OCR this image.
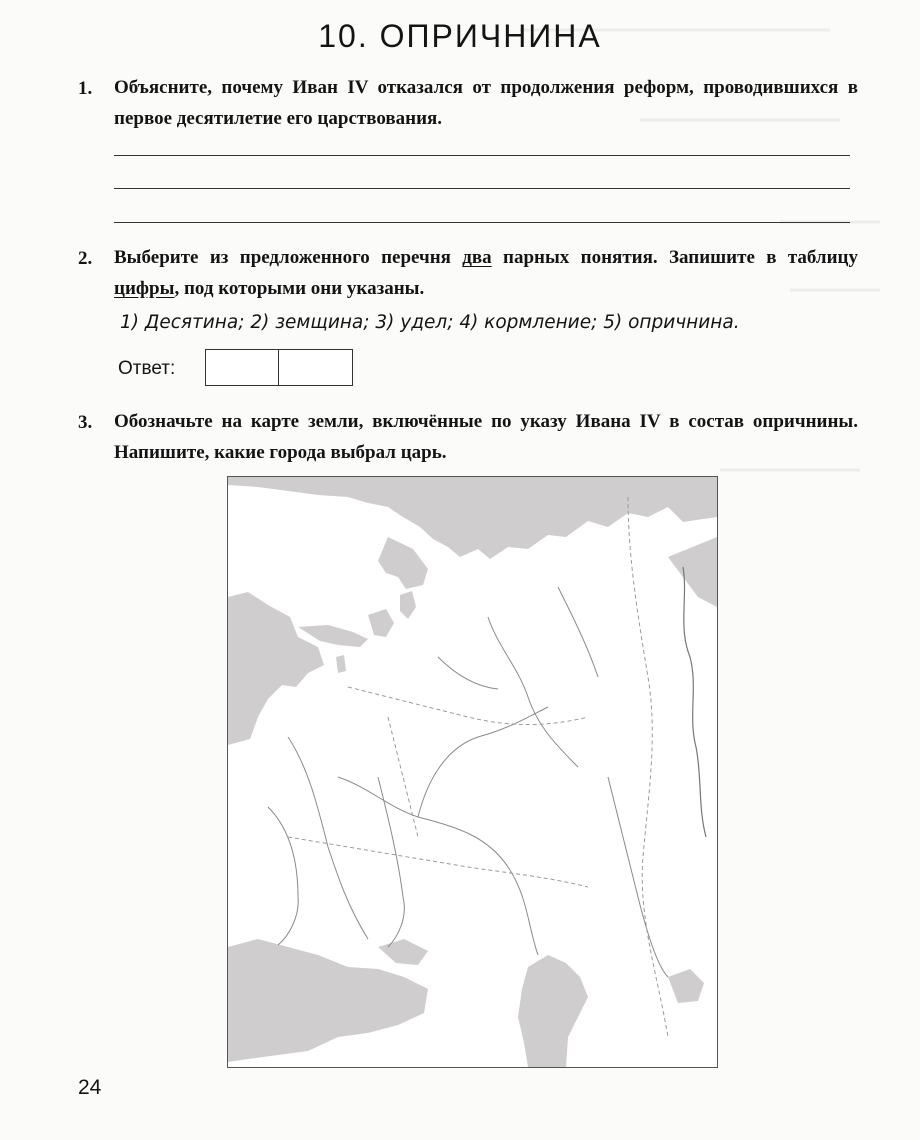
10. ОПРИЧНИНА
1. Объясните, почему Иван IV отказался от продолжения реформ, проводившихся в первое десятилетие его царствования.

2. Выберите из предложенного перечня два парных понятия. Запишите в таблицу цифры, под которыми они указаны.

1) Десятина; 2) земщина; 3) удел; 4) кормление; 5) опричнина.
Ответ:
3. Обозначьте на карте земли, включённые по указу Ивана IV в состав опричнины. Напишите, какие города выбрал царь.

24
